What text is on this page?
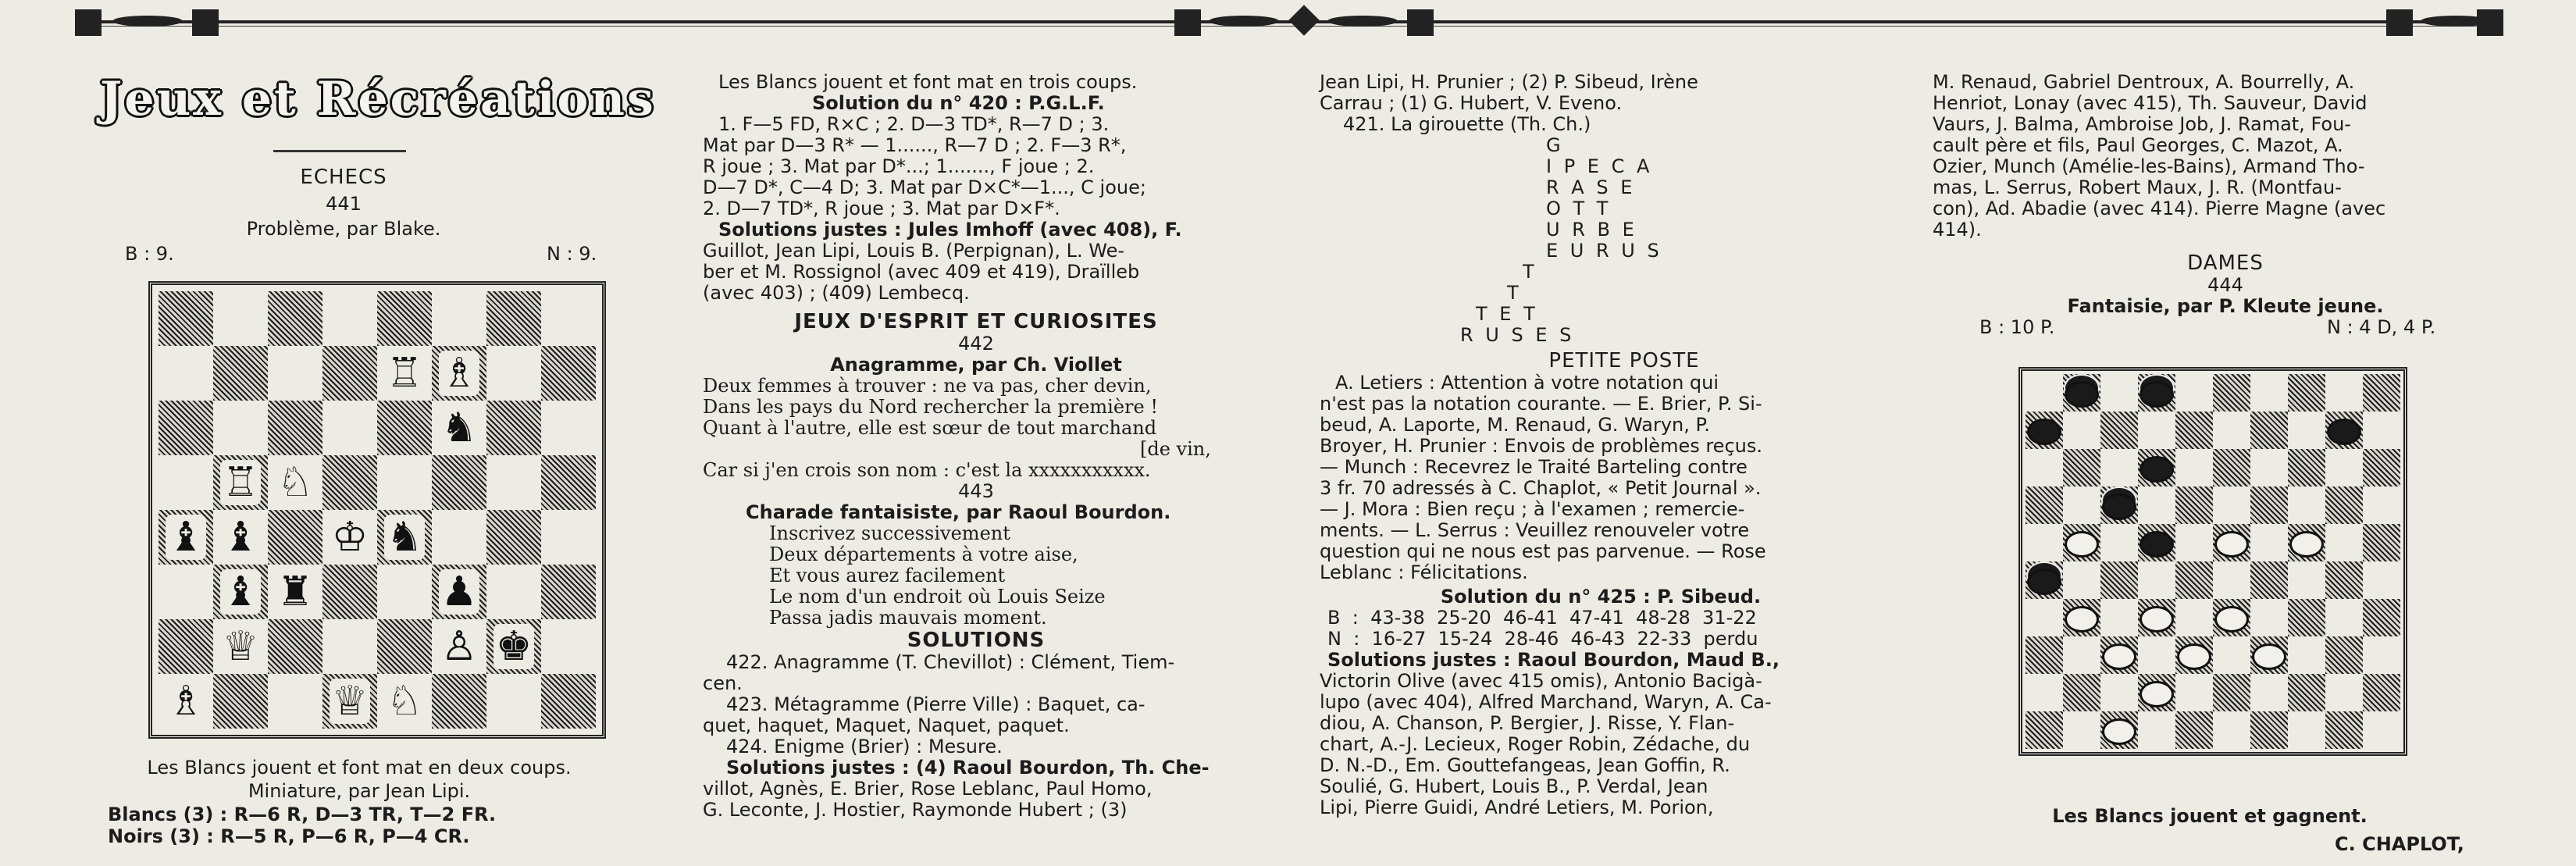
Jeux et Récréations
ECHECS
441
Problème, par Blake.
B : 9.	N : 9.
♖ ♗
♞
♖ ♘
♝ ♝ ♔ ♞
♝ ♜	♟
♕	♙ ♚
♗	♕ ♘
Les Blancs jouent et font mat en deux coups.
Miniature, par Jean Lipi.
Blancs (3) : R—6 R, D—3 TR, T—2 FR.
Noirs (3) : R—5 R, P—6 R, P—4 CR.
Les Blancs jouent et font mat en trois coups.
Solution du n° 420 : P.G.L.F.
1. F—5 FD, R×C ; 2. D—3 TD*, R—7 D ; 3.
Mat par D—3 R* — 1......, R—7 D ; 2. F—3 R*,
R joue ; 3. Mat par D*...; 1......., F joue ; 2.
D—7 D*, C—4 D; 3. Mat par D×C*—1..., C joue;
2. D—7 TD*, R joue ; 3. Mat par D×F*.
Solutions justes : Jules Imhoff (avec 408), F.
Guillot, Jean Lipi, Louis B. (Perpignan), L. We-
ber et M. Rossignol (avec 409 et 419), Draïlleb
(avec 403) ; (409) Lembecq.
JEUX D'ESPRIT ET CURIOSITES
442
Anagramme, par Ch. Viollet
Deux femmes à trouver : ne va pas, cher devin,
Dans les pays du Nord rechercher la première !
Quant à l'autre, elle est sœur de tout marchand
[de vin,
Car si j'en crois son nom : c'est la xxxxxxxxxxx.
443
Charade fantaisiste, par Raoul Bourdon.
Inscrivez successivement
Deux départements à votre aise,
Et vous aurez facilement
Le nom d'un endroit où Louis Seize
Passa jadis mauvais moment.
SOLUTIONS
422. Anagramme (T. Chevillot) : Clément, Tiem-
cen.
423. Métagramme (Pierre Ville) : Baquet, ca-
quet, haquet, Maquet, Naquet, paquet.
424. Enigme (Brier) : Mesure.
Solutions justes : (4) Raoul Bourdon, Th. Che-
villot, Agnès, E. Brier, Rose Leblanc, Paul Homo,
G. Leconte, J. Hostier, Raymonde Hubert ; (3)
Jean Lipi, H. Prunier ; (2) P. Sibeud, Irène
Carrau ; (1) G. Hubert, V. Eveno.
421. La girouette (Th. Ch.)
G
I P E C A
R A S E
O T T
U R B E
E U R U S
T
T
T E T
R U S E S
PETITE POSTE
A. Letiers : Attention à votre notation qui
n'est pas la notation courante. — E. Brier, P. Si-
beud, A. Laporte, M. Renaud, G. Waryn, P.
Broyer, H. Prunier : Envois de problèmes reçus.
— Munch : Recevrez le Traité Barteling contre
3 fr. 70 adressés à C. Chaplot, « Petit Journal ».
— J. Mora : Bien reçu ; à l'examen ; remercie-
ments. — L. Serrus : Veuillez renouveler votre
question qui ne nous est pas parvenue. — Rose
Leblanc : Félicitations.
Solution du n° 425 : P. Sibeud.
B  :  43-38  25-20  46-41  47-41  48-28  31-22
N  :  16-27  15-24  28-46  46-43  22-33  perdu
Solutions justes : Raoul Bourdon, Maud B.,
Victorin Olive (avec 415 omis), Antonio Bacigà-
lupo (avec 404), Alfred Marchand, Waryn, A. Ca-
diou, A. Chanson, P. Bergier, J. Risse, Y. Flan-
chart, A.-J. Lecieux, Roger Robin, Zédache, du
D. N.-D., Em. Gouttefangeas, Jean Goffin, R.
Soulié, G. Hubert, Louis B., P. Verdal, Jean
Lipi, Pierre Guidi, André Letiers, M. Porion,
M. Renaud, Gabriel Dentroux, A. Bourrelly, A.
Henriot, Lonay (avec 415), Th. Sauveur, David
Vaurs, J. Balma, Ambroise Job, J. Ramat, Fou-
cault père et fils, Paul Georges, C. Mazot, A.
Ozier, Munch (Amélie-les-Bains), Armand Tho-
mas, L. Serrus, Robert Maux, J. R. (Montfau-
con), Ad. Abadie (avec 414). Pierre Magne (avec
414).
DAMES
444
Fantaisie, par P. Kleute jeune.
B : 10 P.	N : 4 D, 4 P.
Les Blancs jouent et gagnent.
C. CHAPLOT,
